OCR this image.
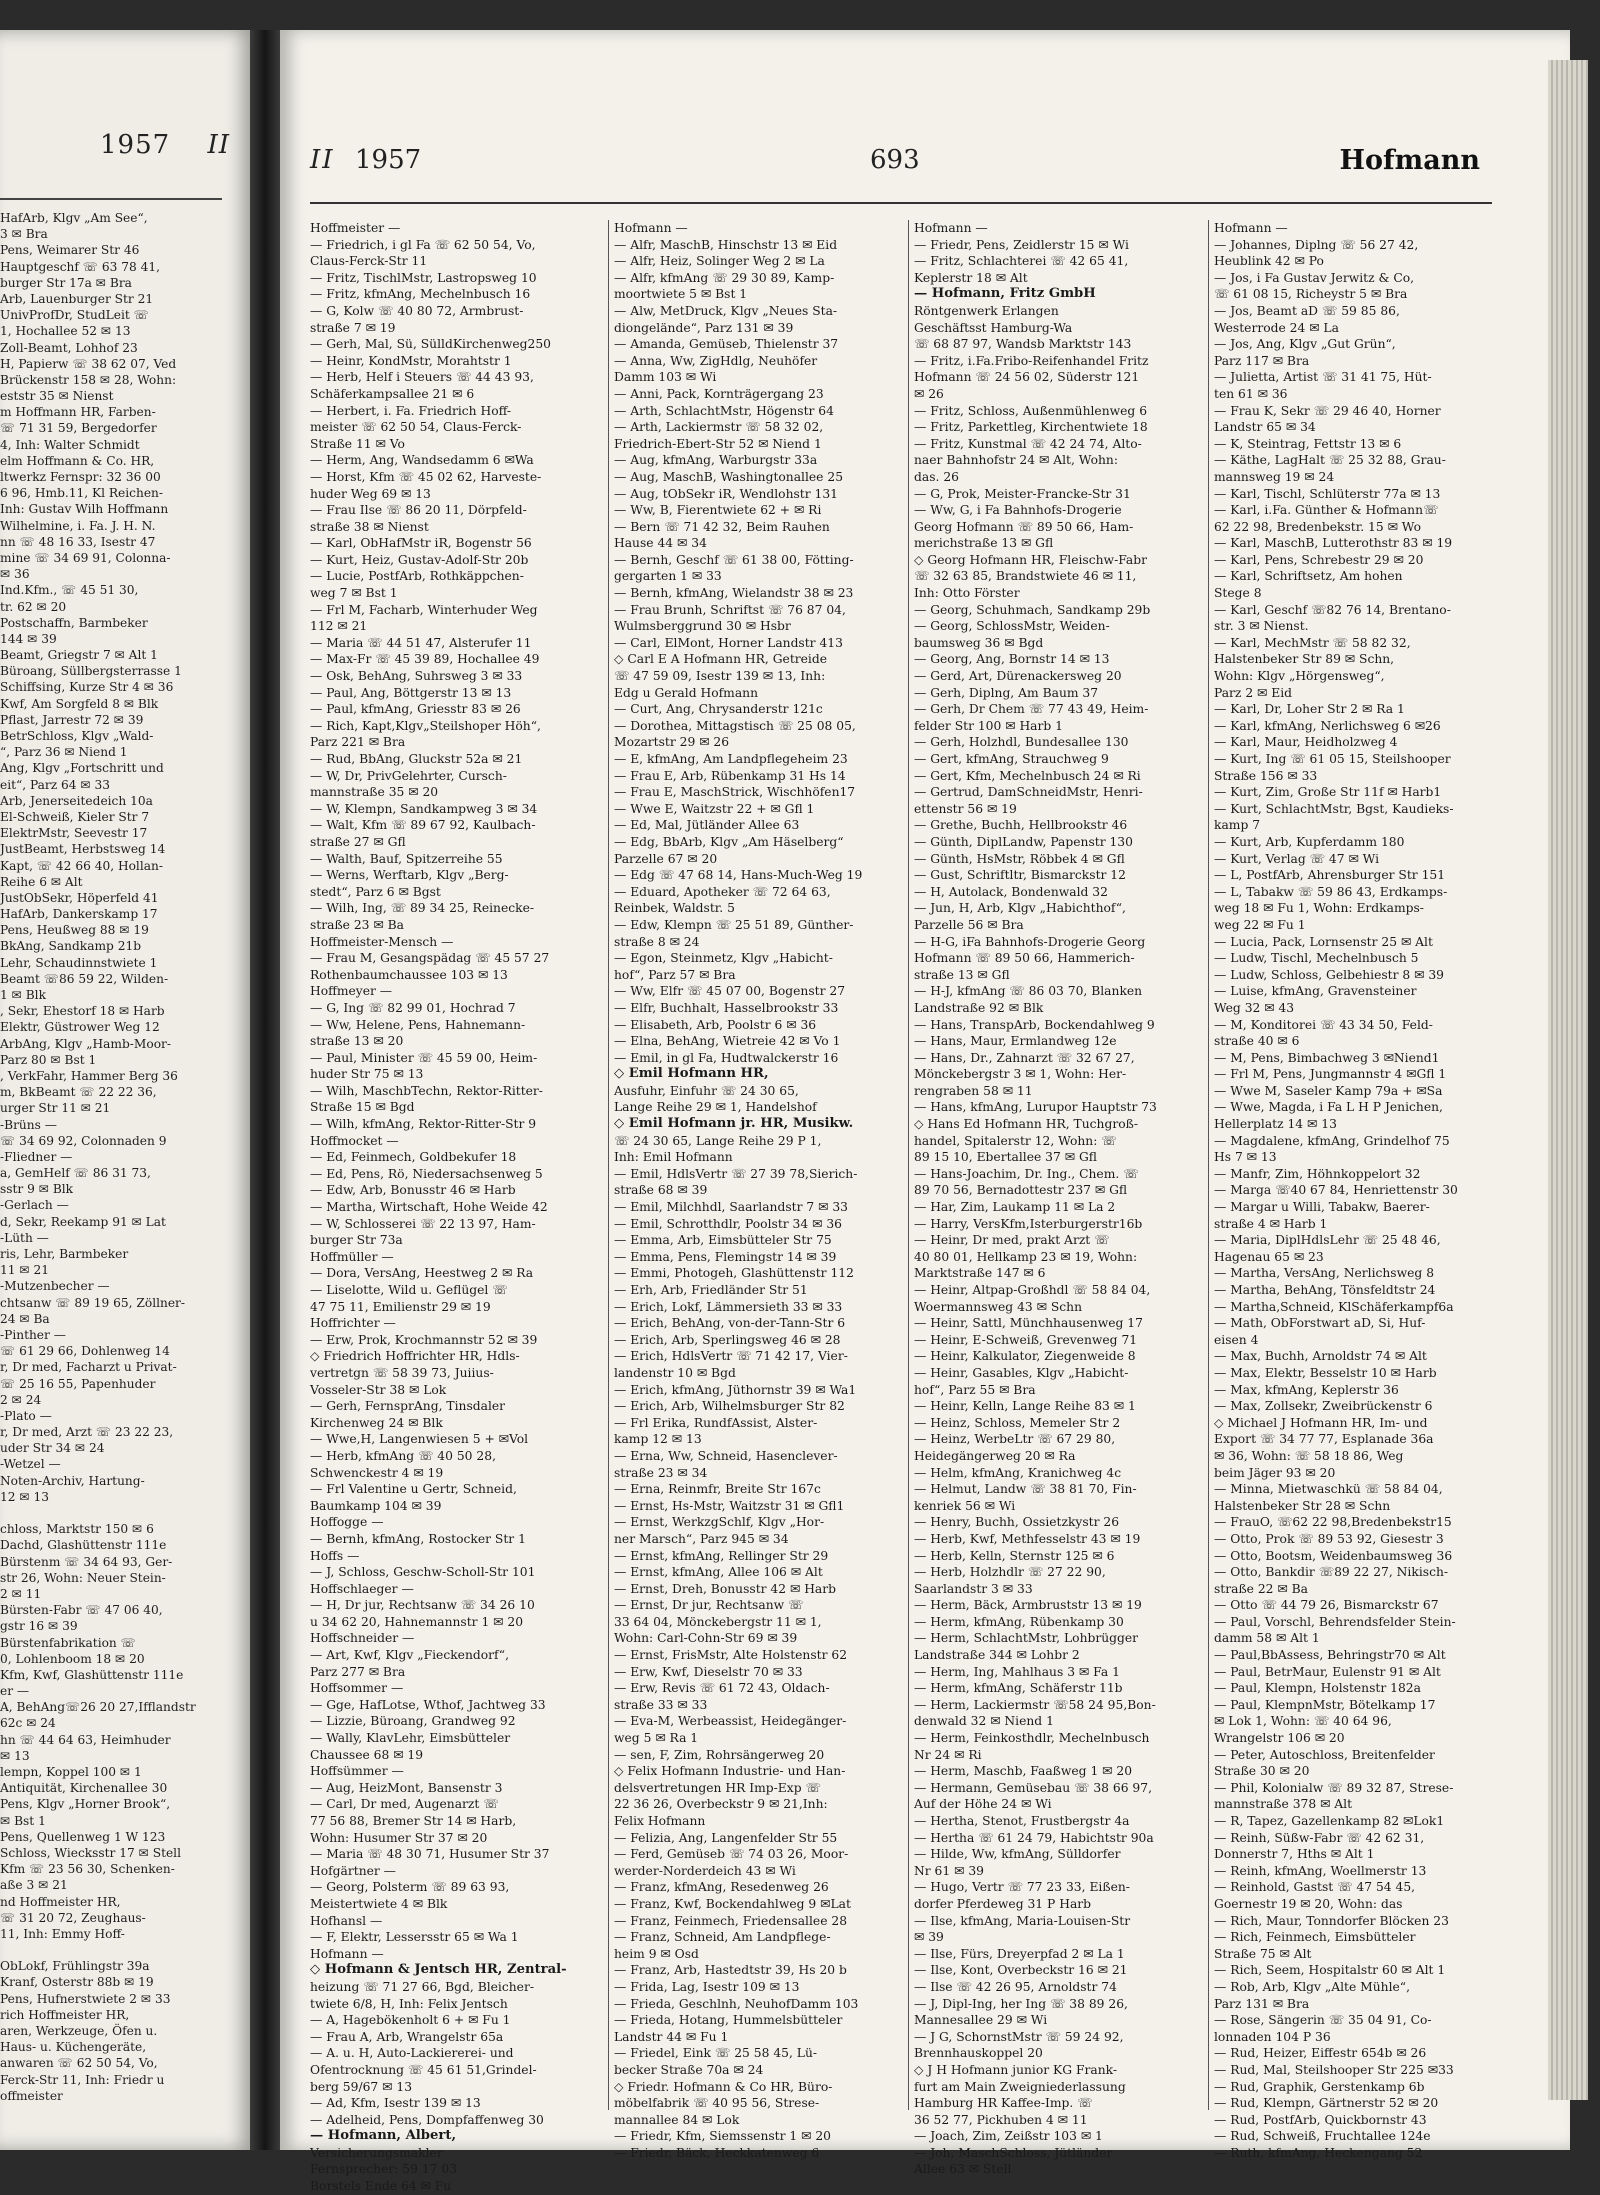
1957 II
HafArb, Klgv „Am See“,
3 ✉ Bra
Pens, Weimarer Str 46
Hauptgeschf ☏ 63 78 41,
burger Str 17a ✉ Bra
Arb, Lauenburger Str 21
UnivProfDr, StudLeit ☏
1, Hochallee 52 ✉ 13
Zoll-Beamt, Lohhof 23
H, Papierw ☏ 38 62 07, Ved
Brückenstr 158 ✉ 28, Wohn:
eststr 35 ✉ Nienst
m Hoffmann HR, Farben-
☏ 71 31 59, Bergedorfer
4, Inh: Walter Schmidt
elm Hoffmann & Co. HR,
ltwerkz Fernspr: 32 36 00
6 96, Hmb.11, Kl Reichen-
Inh: Gustav Wilh Hoffmann
Wilhelmine, i. Fa. J. H. N.
nn ☏ 48 16 33, Isestr 47
mine ☏ 34 69 91, Colonna-
✉ 36
Ind.Kfm., ☏ 45 51 30,
tr. 62 ✉ 20
Postschaffn, Barmbeker
144 ✉ 39
Beamt, Griegstr 7 ✉ Alt 1
Büroang, Süllbergsterrasse 1
Schiffsing, Kurze Str 4 ✉ 36
Kwf, Am Sorgfeld 8 ✉ Blk
Pflast, Jarrestr 72 ✉ 39
BetrSchloss, Klgv „Wald-
“, Parz 36 ✉ Niend 1
Ang, Klgv „Fortschritt und
eit“, Parz 64 ✉ 33
Arb, Jenerseitedeich 10a
El-Schweiß, Kieler Str 7
ElektrMstr, Seevestr 17
JustBeamt, Herbstsweg 14
Kapt, ☏ 42 66 40, Hollan-
Reihe 6 ✉ Alt
JustObSekr, Höperfeld 41
HafArb, Dankerskamp 17
Pens, Heußweg 88 ✉ 19
BkAng, Sandkamp 21b
Lehr, Schaudinnstwiete 1
Beamt ☏86 59 22, Wilden-
1 ✉ Blk
, Sekr, Ehestorf 18 ✉ Harb
Elektr, Güstrower Weg 12
ArbAng, Klgv „Hamb-Moor-
Parz 80 ✉ Bst 1
, VerkFahr, Hammer Berg 36
m, BkBeamt ☏ 22 22 36,
urger Str 11 ✉ 21
-Brüns —
☏ 34 69 92, Colonnaden 9
-Fliedner —
a, GemHelf ☏ 86 31 73,
sstr 9 ✉ Blk
-Gerlach —
d, Sekr, Reekamp 91 ✉ Lat
-Lüth —
ris, Lehr, Barmbeker
11 ✉ 21
-Mutzenbecher —
chtsanw ☏ 89 19 65, Zöllner-
24 ✉ Ba
-Pinther —
☏ 61 29 66, Dohlenweg 14
r, Dr med, Facharzt u Privat-
☏ 25 16 55, Papenhuder
2 ✉ 24
-Plato —
r, Dr med, Arzt ☏ 23 22 23,
uder Str 34 ✉ 24
-Wetzel —
Noten-Archiv, Hartung-
12 ✉ 13
chloss, Marktstr 150 ✉ 6
Dachd, Glashüttenstr 111e
Bürstenm ☏ 34 64 93, Ger-
str 26, Wohn: Neuer Stein-
2 ✉ 11
Bürsten-Fabr ☏ 47 06 40,
gstr 16 ✉ 39
Bürstenfabrikation ☏
0, Lohlenboom 18 ✉ 20
Kfm, Kwf, Glashüttenstr 111e
er —
A, BehAng☏26 20 27,Ifflandstr
62c ✉ 24
hn ☏ 44 64 63, Heimhuder
✉ 13
lempn, Koppel 100 ✉ 1
Antiquität, Kirchenallee 30
Pens, Klgv „Horner Brook“,
✉ Bst 1
Pens, Quellenweg 1 W 123
Schloss, Wiecksstr 17 ✉ Stell
Kfm ☏ 23 56 30, Schenken-
aße 3 ✉ 21
nd Hoffmeister HR,
☏ 31 20 72, Zeughaus-
11, Inh: Emmy Hoff-
ObLokf, Frühlingstr 39a
Kranf, Osterstr 88b ✉ 19
Pens, Hufnerstwiete 2 ✉ 33
rich Hoffmeister HR,
aren, Werkzeuge, Öfen u.
Haus- u. Küchengeräte,
anwaren ☏ 62 50 54, Vo,
Ferck-Str 11, Inh: Friedr u
offmeister
II 1957	693	Hofmann
Hoffmeister —
— Friedrich, i gl Fa ☏ 62 50 54, Vo,
Claus-Ferck-Str 11
— Fritz, TischlMstr, Lastropsweg 10
— Fritz, kfmAng, Mechelnbusch 16
— G, Kolw ☏ 40 80 72, Armbrust-
straße 7 ✉ 19
— Gerh, Mal, Sü, SülldKirchenweg250
— Heinr, KondMstr, Morahtstr 1
— Herb, Helf i Steuers ☏ 44 43 93,
Schäferkampsallee 21 ✉ 6
— Herbert, i. Fa. Friedrich Hoff-
meister ☏ 62 50 54, Claus-Ferck-
Straße 11 ✉ Vo
— Herm, Ang, Wandsedamm 6 ✉Wa
— Horst, Kfm ☏ 45 02 62, Harveste-
huder Weg 69 ✉ 13
— Frau Ilse ☏ 86 20 11, Dörpfeld-
straße 38 ✉ Nienst
— Karl, ObHafMstr iR, Bogenstr 56
— Kurt, Heiz, Gustav-Adolf-Str 20b
— Lucie, PostfArb, Rothkäppchen-
weg 7 ✉ Bst 1
— Frl M, Facharb, Winterhuder Weg
112 ✉ 21
— Maria ☏ 44 51 47, Alsterufer 11
— Max-Fr ☏ 45 39 89, Hochallee 49
— Osk, BehAng, Suhrsweg 3 ✉ 33
— Paul, Ang, Böttgerstr 13 ✉ 13
— Paul, kfmAng, Griesstr 83 ✉ 26
— Rich, Kapt,Klgv„Steilshoper Höh“,
Parz 221 ✉ Bra
— Rud, BbAng, Gluckstr 52a ✉ 21
— W, Dr, PrivGelehrter, Cursch-
mannstraße 35 ✉ 20
— W, Klempn, Sandkampweg 3 ✉ 34
— Walt, Kfm ☏ 89 67 92, Kaulbach-
straße 27 ✉ Gfl
— Walth, Bauf, Spitzerreihe 55
— Werns, Werftarb, Klgv „Berg-
stedt“, Parz 6 ✉ Bgst
— Wilh, Ing, ☏ 89 34 25, Reinecke-
straße 23 ✉ Ba
Hoffmeister-Mensch —
— Frau M, Gesangspädag ☏ 45 57 27
Rothenbaumchaussee 103 ✉ 13
Hoffmeyer —
— G, Ing ☏ 82 99 01, Hochrad 7
— Ww, Helene, Pens, Hahnemann-
straße 13 ✉ 20
— Paul, Minister ☏ 45 59 00, Heim-
huder Str 75 ✉ 13
— Wilh, MaschbTechn, Rektor-Ritter-
Straße 15 ✉ Bgd
— Wilh, kfmAng, Rektor-Ritter-Str 9
Hoffmocket —
— Ed, Feinmech, Goldbekufer 18
— Ed, Pens, Rö, Niedersachsenweg 5
— Edw, Arb, Bonusstr 46 ✉ Harb
— Martha, Wirtschaft, Hohe Weide 42
— W, Schlosserei ☏ 22 13 97, Ham-
burger Str 73a
Hoffmüller —
— Dora, VersAng, Heestweg 2 ✉ Ra
— Liselotte, Wild u. Geflügel ☏
47 75 11, Emilienstr 29 ✉ 19
Hoffrichter —
— Erw, Prok, Krochmannstr 52 ✉ 39
◇ Friedrich Hoffrichter HR, Hdls-
vertretgn ☏ 58 39 73, Juiius-
Vosseler-Str 38 ✉ Lok
— Gerh, FernsprAng, Tinsdaler
Kirchenweg 24 ✉ Blk
— Wwe,H, Langenwiesen 5 + ✉Vol
— Herb, kfmAng ☏ 40 50 28,
Schwenckestr 4 ✉ 19
— Frl Valentine u Gertr, Schneid,
Baumkamp 104 ✉ 39
Hoffogge —
— Bernh, kfmAng, Rostocker Str 1
Hoffs —
— J, Schloss, Geschw-Scholl-Str 101
Hoffschlaeger —
— H, Dr jur, Rechtsanw ☏ 34 26 10
u 34 62 20, Hahnemannstr 1 ✉ 20
Hoffschneider —
— Art, Kwf, Klgv „Fieckendorf“,
Parz 277 ✉ Bra
Hoffsommer —
— Gge, HafLotse, Wthof, Jachtweg 33
— Lizzie, Büroang, Grandweg 92
— Wally, KlavLehr, Eimsbütteler
Chaussee 68 ✉ 19
Hoffsümmer —
— Aug, HeizMont, Bansenstr 3
— Carl, Dr med, Augenarzt ☏
77 56 88, Bremer Str 14 ✉ Harb,
Wohn: Husumer Str 37 ✉ 20
— Maria ☏ 48 30 71, Husumer Str 37
Hofgärtner —
— Georg, Polsterm ☏ 89 63 93,
Meistertwiete 4 ✉ Blk
Hofhansl —
— F, Elektr, Lessersstr 65 ✉ Wa 1
Hofmann —
◇ Hofmann & Jentsch HR, Zentral-
heizung ☏ 71 27 66, Bgd, Bleicher-
twiete 6/8, H, Inh: Felix Jentsch
— A, Hagebökenholt 6 + ✉ Fu 1
— Frau A, Arb, Wrangelstr 65a
— A. u. H, Auto-Lackiererei- und
Ofentrocknung ☏ 45 61 51,Grindel-
berg 59/67 ✉ 13
— Ad, Kfm, Isestr 139 ✉ 13
— Adelheid, Pens, Dompfaffenweg 30
— Hofmann, Albert,
Versicherungsmakler
Fernsprecher: 59 17 03
Borstels Ende 64 ✉ Fu
Hofmann —
— Alfr, MaschB, Hinschstr 13 ✉ Eid
— Alfr, Heiz, Solinger Weg 2 ✉ La
— Alfr, kfmAng ☏ 29 30 89, Kamp-
moortwiete 5 ✉ Bst 1
— Alw, MetDruck, Klgv „Neues Sta-
diongelände“, Parz 131 ✉ 39
— Amanda, Gemüseb, Thielenstr 37
— Anna, Ww, ZigHdlg, Neuhöfer
Damm 103 ✉ Wi
— Anni, Pack, Kornträgergang 23
— Arth, SchlachtMstr, Högenstr 64
— Arth, Lackiermstr ☏ 58 32 02,
Friedrich-Ebert-Str 52 ✉ Niend 1
— Aug, kfmAng, Warburgstr 33a
— Aug, MaschB, Washingtonallee 25
— Aug, tObSekr iR, Wendlohstr 131
— Ww, B, Fierentwiete 62 + ✉ Ri
— Bern ☏ 71 42 32, Beim Rauhen
Hause 44 ✉ 34
— Bernh, Geschf ☏ 61 38 00, Fötting-
gergarten 1 ✉ 33
— Bernh, kfmAng, Wielandstr 38 ✉ 23
— Frau Brunh, Schriftst ☏ 76 87 04,
Wulmsberggrund 30 ✉ Hsbr
— Carl, ElMont, Horner Landstr 413
◇ Carl E A Hofmann HR, Getreide
☏ 47 59 09, Isestr 139 ✉ 13, Inh:
Edg u Gerald Hofmann
— Curt, Ang, Chrysanderstr 121c
— Dorothea, Mittagstisch ☏ 25 08 05,
Mozartstr 29 ✉ 26
— E, kfmAng, Am Landpflegeheim 23
— Frau E, Arb, Rübenkamp 31 Hs 14
— Frau E, MaschStrick, Wischhöfen17
— Wwe E, Waitzstr 22 + ✉ Gfl 1
— Ed, Mal, Jütländer Allee 63
— Edg, BbArb, Klgv „Am Häselberg“
Parzelle 67 ✉ 20
— Edg ☏ 47 68 14, Hans-Much-Weg 19
— Eduard, Apotheker ☏ 72 64 63,
Reinbek, Waldstr. 5
— Edw, Klempn ☏ 25 51 89, Günther-
straße 8 ✉ 24
— Egon, Steinmetz, Klgv „Habicht-
hof“, Parz 57 ✉ Bra
— Ww, Elfr ☏ 45 07 00, Bogenstr 27
— Elfr, Buchhalt, Hasselbrookstr 33
— Elisabeth, Arb, Poolstr 6 ✉ 36
— Elna, BehAng, Wietreie 42 ✉ Vo 1
— Emil, in gl Fa, Hudtwalckerstr 16
◇ Emil Hofmann HR,
Ausfuhr, Einfuhr ☏ 24 30 65,
Lange Reihe 29 ✉ 1, Handelshof
◇ Emil Hofmann jr. HR, Musikw.
☏ 24 30 65, Lange Reihe 29 P 1,
Inh: Emil Hofmann
— Emil, HdlsVertr ☏ 27 39 78,Sierich-
straße 68 ✉ 39
— Emil, Milchhdl, Saarlandstr 7 ✉ 33
— Emil, Schrotthdlr, Poolstr 34 ✉ 36
— Emma, Arb, Eimsbütteler Str 75
— Emma, Pens, Flemingstr 14 ✉ 39
— Emmi, Photogeh, Glashüttenstr 112
— Erh, Arb, Friedländer Str 51
— Erich, Lokf, Lämmersieth 33 ✉ 33
— Erich, BehAng, von-der-Tann-Str 6
— Erich, Arb, Sperlingsweg 46 ✉ 28
— Erich, HdlsVertr ☏ 71 42 17, Vier-
landenstr 10 ✉ Bgd
— Erich, kfmAng, Jüthornstr 39 ✉ Wa1
— Erich, Arb, Wilhelmsburger Str 82
— Frl Erika, RundfAssist, Alster-
kamp 12 ✉ 13
— Erna, Ww, Schneid, Hasenclever-
straße 23 ✉ 34
— Erna, Reinmfr, Breite Str 167c
— Ernst, Hs-Mstr, Waitzstr 31 ✉ Gfl1
— Ernst, WerkzgSchlf, Klgv „Hor-
ner Marsch“, Parz 945 ✉ 34
— Ernst, kfmAng, Rellinger Str 29
— Ernst, kfmAng, Allee 106 ✉ Alt
— Ernst, Dreh, Bonusstr 42 ✉ Harb
— Ernst, Dr jur, Rechtsanw ☏
33 64 04, Mönckebergstr 11 ✉ 1,
Wohn: Carl-Cohn-Str 69 ✉ 39
— Ernst, FrisMstr, Alte Holstenstr 62
— Erw, Kwf, Dieselstr 70 ✉ 33
— Erw, Revis ☏ 61 72 43, Oldach-
straße 33 ✉ 33
— Eva-M, Werbeassist, Heidegänger-
weg 5 ✉ Ra 1
— sen, F, Zim, Rohrsängerweg 20
◇ Felix Hofmann Industrie- und Han-
delsvertretungen HR Imp-Exp ☏
22 36 26, Overbeckstr 9 ✉ 21,Inh:
Felix Hofmann
— Felizia, Ang, Langenfelder Str 55
— Ferd, Gemüseb ☏ 74 03 26, Moor-
werder-Norderdeich 43 ✉ Wi
— Franz, kfmAng, Resedenweg 26
— Franz, Kwf, Bockendahlweg 9 ✉Lat
— Franz, Feinmech, Friedensallee 28
— Franz, Schneid, Am Landpflege-
heim 9 ✉ Osd
— Franz, Arb, Hastedtstr 39, Hs 20 b
— Frida, Lag, Isestr 109 ✉ 13
— Frieda, Geschlnh, NeuhofDamm 103
— Frieda, Hotang, Hummelsbütteler
Landstr 44 ✉ Fu 1
— Friedel, Eink ☏ 25 58 45, Lü-
becker Straße 70a ✉ 24
◇ Friedr. Hofmann & Co HR, Büro-
möbelfabrik ☏ 40 95 56, Strese-
mannallee 84 ✉ Lok
— Friedr, Kfm, Siemssenstr 1 ✉ 20
— Friedr, Bäck, Heckkatenweg 6
Hofmann —
— Friedr, Pens, Zeidlerstr 15 ✉ Wi
— Fritz, Schlachterei ☏ 42 65 41,
Keplerstr 18 ✉ Alt
— Hofmann, Fritz GmbH
Röntgenwerk Erlangen
Geschäftsst Hamburg-Wa
☏ 68 87 97, Wandsb Marktstr 143
— Fritz, i.Fa.Fribo-Reifenhandel Fritz
Hofmann ☏ 24 56 02, Süderstr 121
✉ 26
— Fritz, Schloss, Außenmühlenweg 6
— Fritz, Parkettleg, Kirchentwiete 18
— Fritz, Kunstmal ☏ 42 24 74, Alto-
naer Bahnhofstr 24 ✉ Alt, Wohn:
das. 26
— G, Prok, Meister-Francke-Str 31
— Ww, G, i Fa Bahnhofs-Drogerie
Georg Hofmann ☏ 89 50 66, Ham-
merichstraße 13 ✉ Gfl
◇ Georg Hofmann HR, Fleischw-Fabr
☏ 32 63 85, Brandstwiete 46 ✉ 11,
Inh: Otto Förster
— Georg, Schuhmach, Sandkamp 29b
— Georg, SchlossMstr, Weiden-
baumsweg 36 ✉ Bgd
— Georg, Ang, Bornstr 14 ✉ 13
— Gerd, Art, Dürenackersweg 20
— Gerh, Diplng, Am Baum 37
— Gerh, Dr Chem ☏ 77 43 49, Heim-
felder Str 100 ✉ Harb 1
— Gerh, Holzhdl, Bundesallee 130
— Gert, kfmAng, Strauchweg 9
— Gert, Kfm, Mechelnbusch 24 ✉ Ri
— Gertrud, DamSchneidMstr, Henri-
ettenstr 56 ✉ 19
— Grethe, Buchh, Hellbrookstr 46
— Günth, DiplLandw, Papenstr 130
— Günth, HsMstr, Röbbek 4 ✉ Gfl
— Gust, Schriftltr, Bismarckstr 12
— H, Autolack, Bondenwald 32
— Jun, H, Arb, Klgv „Habichthof“,
Parzelle 56 ✉ Bra
— H-G, iFa Bahnhofs-Drogerie Georg
Hofmann ☏ 89 50 66, Hammerich-
straße 13 ✉ Gfl
— H-J, kfmAng ☏ 86 03 70, Blanken
Landstraße 92 ✉ Blk
— Hans, TranspArb, Bockendahlweg 9
— Hans, Maur, Ermlandweg 12e
— Hans, Dr., Zahnarzt ☏ 32 67 27,
Mönckebergstr 3 ✉ 1, Wohn: Her-
rengraben 58 ✉ 11
— Hans, kfmAng, Lurupor Hauptstr 73
◇ Hans Ed Hofmann HR, Tuchgroß-
handel, Spitalerstr 12, Wohn: ☏
89 15 10, Ebertallee 37 ✉ Gfl
— Hans-Joachim, Dr. Ing., Chem. ☏
89 70 56, Bernadottestr 237 ✉ Gfl
— Har, Zim, Laukamp 11 ✉ La 2
— Harry, VersKfm,Isterburgerstr16b
— Heinr, Dr med, prakt Arzt ☏
40 80 01, Hellkamp 23 ✉ 19, Wohn:
Marktstraße 147 ✉ 6
— Heinr, Altpap-Großhdl ☏ 58 84 04,
Woermannsweg 43 ✉ Schn
— Heinr, Sattl, Münchhausenweg 17
— Heinr, E-Schweiß, Grevenweg 71
— Heinr, Kalkulator, Ziegenweide 8
— Heinr, Gasables, Klgv „Habicht-
hof“, Parz 55 ✉ Bra
— Heinr, Kelln, Lange Reihe 83 ✉ 1
— Heinz, Schloss, Memeler Str 2
— Heinz, WerbeLtr ☏ 67 29 80,
Heidegängerweg 20 ✉ Ra
— Helm, kfmAng, Kranichweg 4c
— Helmut, Landw ☏ 38 81 70, Fin-
kenriek 56 ✉ Wi
— Henry, Buchh, Ossietzkystr 26
— Herb, Kwf, Methfesselstr 43 ✉ 19
— Herb, Kelln, Sternstr 125 ✉ 6
— Herb, Holzhdlr ☏ 27 22 90,
Saarlandstr 3 ✉ 33
— Herm, Bäck, Armbruststr 13 ✉ 19
— Herm, kfmAng, Rübenkamp 30
— Herm, SchlachtMstr, Lohbrügger
Landstraße 344 ✉ Lohbr 2
— Herm, Ing, Mahlhaus 3 ✉ Fa 1
— Herm, kfmAng, Schäferstr 11b
— Herm, Lackiermstr ☏58 24 95,Bon-
denwald 32 ✉ Niend 1
— Herm, Feinkosthdlr, Mechelnbusch
Nr 24 ✉ Ri
— Herm, Maschb, Faaßweg 1 ✉ 20
— Hermann, Gemüsebau ☏ 38 66 97,
Auf der Höhe 24 ✉ Wi
— Hertha, Stenot, Frustbergstr 4a
— Hertha ☏ 61 24 79, Habichtstr 90a
— Hilde, Ww, kfmAng, Sülldorfer
Nr 61 ✉ 39
— Hugo, Vertr ☏ 77 23 33, Eißen-
dorfer Pferdeweg 31 P Harb
— Ilse, kfmAng, Maria-Louisen-Str
✉ 39
— Ilse, Fürs, Dreyerpfad 2 ✉ La 1
— Ilse, Kont, Overbeckstr 16 ✉ 21
— Ilse ☏ 42 26 95, Arnoldstr 74
— J, Dipl-Ing, her Ing ☏ 38 89 26,
Mannesallee 29 ✉ Wi
— J G, SchornstMstr ☏ 59 24 92,
Brennhauskoppel 20
◇ J H Hofmann junior KG Frank-
furt am Main Zweigniederlassung
Hamburg HR Kaffee-Imp. ☏
36 52 77, Pickhuben 4 ✉ 11
— Joach, Zim, Zeißstr 103 ✉ 1
— Joh, MaschSchloss, Jütländer
Allee 63 ✉ Stell
Hofmann —
— Johannes, Diplng ☏ 56 27 42,
Heublink 42 ✉ Po
— Jos, i Fa Gustav Jerwitz & Co,
☏ 61 08 15, Richeystr 5 ✉ Bra
— Jos, Beamt aD ☏ 59 85 86,
Westerrode 24 ✉ La
— Jos, Ang, Klgv „Gut Grün“,
Parz 117 ✉ Bra
— Julietta, Artist ☏ 31 41 75, Hüt-
ten 61 ✉ 36
— Frau K, Sekr ☏ 29 46 40, Horner
Landstr 65 ✉ 34
— K, Steintrag, Fettstr 13 ✉ 6
— Käthe, LagHalt ☏ 25 32 88, Grau-
mannsweg 19 ✉ 24
— Karl, Tischl, Schlüterstr 77a ✉ 13
— Karl, i.Fa. Günther & Hofmann☏
62 22 98, Bredenbekstr. 15 ✉ Wo
— Karl, MaschB, Lutterothstr 83 ✉ 19
— Karl, Pens, Schrebestr 29 ✉ 20
— Karl, Schriftsetz, Am hohen
Stege 8
— Karl, Geschf ☏82 76 14, Brentano-
str. 3 ✉ Nienst.
— Karl, MechMstr ☏ 58 82 32,
Halstenbeker Str 89 ✉ Schn,
Wohn: Klgv „Hörgensweg“,
Parz 2 ✉ Eid
— Karl, Dr, Loher Str 2 ✉ Ra 1
— Karl, kfmAng, Nerlichsweg 6 ✉26
— Karl, Maur, Heidholzweg 4
— Kurt, Ing ☏ 61 05 15, Steilshooper
Straße 156 ✉ 33
— Kurt, Zim, Große Str 11f ✉ Harb1
— Kurt, SchlachtMstr, Bgst, Kaudieks-
kamp 7
— Kurt, Arb, Kupferdamm 180
— Kurt, Verlag ☏ 47 ✉ Wi
— L, PostfArb, Ahrensburger Str 151
— L, Tabakw ☏ 59 86 43, Erdkamps-
weg 18 ✉ Fu 1, Wohn: Erdkamps-
weg 22 ✉ Fu 1
— Lucia, Pack, Lornsenstr 25 ✉ Alt
— Ludw, Tischl, Mechelnbusch 5
— Ludw, Schloss, Gelbehiestr 8 ✉ 39
— Luise, kfmAng, Gravensteiner
Weg 32 ✉ 43
— M, Konditorei ☏ 43 34 50, Feld-
straße 40 ✉ 6
— M, Pens, Bimbachweg 3 ✉Niend1
— Frl M, Pens, Jungmannstr 4 ✉Gfl 1
— Wwe M, Saseler Kamp 79a + ✉Sa
— Wwe, Magda, i Fa L H P Jenichen,
Hellerplatz 14 ✉ 13
— Magdalene, kfmAng, Grindelhof 75
Hs 7 ✉ 13
— Manfr, Zim, Höhnkoppelort 32
— Marga ☏40 67 84, Henriettenstr 30
— Margar u Willi, Tabakw, Baerer-
straße 4 ✉ Harb 1
— Maria, DiplHdlsLehr ☏ 25 48 46,
Hagenau 65 ✉ 23
— Martha, VersAng, Nerlichsweg 8
— Martha, BehAng, Tönsfeldtstr 24
— Martha,Schneid, KlSchäferkampf6a
— Math, ObForstwart aD, Si, Huf-
eisen 4
— Max, Buchh, Arnoldstr 74 ✉ Alt
— Max, Elektr, Besselstr 10 ✉ Harb
— Max, kfmAng, Keplerstr 36
— Max, Zollsekr, Zweibrückenstr 6
◇ Michael J Hofmann HR, Im- und
Export ☏ 34 77 77, Esplanade 36a
✉ 36, Wohn: ☏ 58 18 86, Weg
beim Jäger 93 ✉ 20
— Minna, Mietwaschkü ☏ 58 84 04,
Halstenbeker Str 28 ✉ Schn
— FrauO, ☏62 22 98,Bredenbekstr15
— Otto, Prok ☏ 89 53 92, Giesestr 3
— Otto, Bootsm, Weidenbaumsweg 36
— Otto, Bankdir ☏89 22 27, Nikisch-
straße 22 ✉ Ba
— Otto ☏ 44 79 26, Bismarckstr 67
— Paul, Vorschl, Behrendsfelder Stein-
damm 58 ✉ Alt 1
— Paul,BbAssess, Behringstr70 ✉ Alt
— Paul, BetrMaur, Eulenstr 91 ✉ Alt
— Paul, Klempn, Holstenstr 182a
— Paul, KlempnMstr, Bötelkamp 17
✉ Lok 1, Wohn: ☏ 40 64 96,
Wrangelstr 106 ✉ 20
— Peter, Autoschloss, Breitenfelder
Straße 30 ✉ 20
— Phil, Kolonialw ☏ 89 32 87, Strese-
mannstraße 378 ✉ Alt
— R, Tapez, Gazellenkamp 82 ✉Lok1
— Reinh, Süßw-Fabr ☏ 42 62 31,
Donnerstr 7, Hths ✉ Alt 1
— Reinh, kfmAng, Woellmerstr 13
— Reinhold, Gastst ☏ 47 54 45,
Goernestr 19 ✉ 20, Wohn: das
— Rich, Maur, Tonndorfer Blöcken 23
— Rich, Feinmech, Eimsbütteler
Straße 75 ✉ Alt
— Rich, Seem, Hospitalstr 60 ✉ Alt 1
— Rob, Arb, Klgv „Alte Mühle“,
Parz 131 ✉ Bra
— Rose, Sängerin ☏ 35 04 91, Co-
lonnaden 104 P 36
— Rud, Heizer, Eiffestr 654b ✉ 26
— Rud, Mal, Steilshooper Str 225 ✉33
— Rud, Graphik, Gerstenkamp 6b
— Rud, Klempn, Gärtnerstr 52 ✉ 20
— Rud, PostfArb, Quickbornstr 43
— Rud, Schweiß, Fruchtallee 124e
— Ruth, kfmAng, Heckengang 52
